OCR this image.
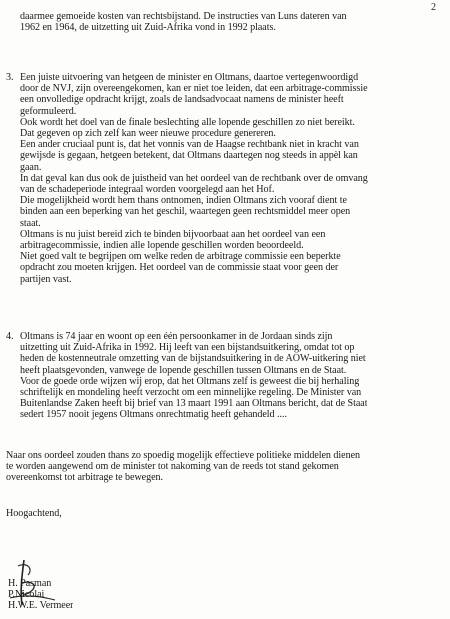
2
daarmee gemoeide kosten van rechtsbijstand. De instructies van Luns dateren van
1962 en 1964, de uitzetting uit Zuid-Afrika vond in 1992 plaats.
3. Een juiste uitvoering van hetgeen de minister en Oltmans, daartoe vertegenwoordigd
door de NVJ, zijn overeengekomen, kan er niet toe leiden, dat een arbitrage-commissie
een onvolledige opdracht krijgt, zoals de landsadvocaat namens de minister heeft
geformuleerd.
Ook wordt het doel van de finale beslechting alle lopende geschillen zo niet bereikt.
Dat gegeven op zich zelf kan weer nieuwe procedure genereren.
Een ander cruciaal punt is, dat het vonnis van de Haagse rechtbank niet in kracht van
gewijsde is gegaan, hetgeen betekent, dat Oltmans daartegen nog steeds in appèl kan
gaan.
In dat geval kan dus ook de juistheid van het oordeel van de rechtbank over de omvang
van de schadeperiode integraal worden voorgelegd aan het Hof.
Die mogelijkheid wordt hem thans ontnomen, indien Oltmans zich vooraf dient te
binden aan een beperking van het geschil, waartegen geen rechtsmiddel meer open
staat.
Oltmans is nu juist bereid zich te binden bijvoorbaat aan het oordeel van een
arbitragecommissie, indien alle lopende geschillen worden beoordeeld.
Niet goed valt te begrijpen om welke reden de arbitrage commissie een beperkte
opdracht zou moeten krijgen. Het oordeel van de commissie staat voor geen der
partijen vast.
4. Oltmans is 74 jaar en woont op een één persoonkamer in de Jordaan sinds zijn
uitzetting uit Zuid-Afrika in 1992. Hij leeft van een bijstandsuitkering, omdat tot op
heden de kostenneutrale omzetting van de bijstandsuitkering in de AOW-uitkering niet
heeft plaatsgevonden, vanwege de lopende geschillen tussen Oltmans en de Staat.
Voor de goede orde wijzen wij erop, dat het Oltmans zelf is geweest die bij herhaling
schriftelijk en mondeling heeft verzocht om een minnelijke regeling. De Minister van
Buitenlandse Zaken heeft bij brief van 13 maart 1991 aan Oltmans bericht, dat de Staat
sedert 1957 nooit jegens Oltmans onrechtmatig heeft gehandeld ....
Naar ons oordeel zouden thans zo spoedig mogelijk effectieve politieke middelen dienen
te worden aangewend om de minister tot nakoming van de reeds tot stand gekomen
overeenkomst tot arbitrage te bewegen.
Hoogachtend,
H. Pasman
P.Nicolai
H.W.E. Vermeer
